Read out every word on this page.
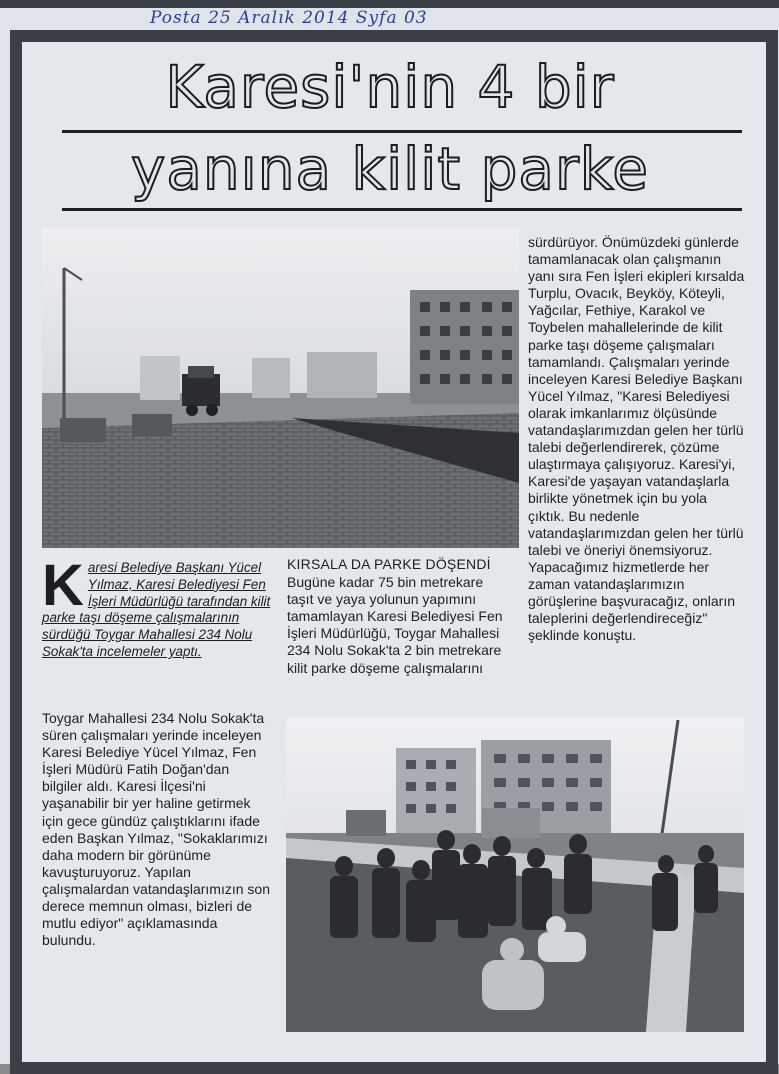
Posta 25 Aralık 2014 Syfa 03
Karesi'nin 4 bir
yanına kilit parke
K aresi Belediye Başkanı Yücel Yılmaz, Karesi Belediyesi Fen İşleri Müdürlüğü tarafından kilit parke taşı döşeme çalışmalarının sürdüğü Toygar Mahallesi 234 Nolu Sokak'ta incelemeler yaptı.

Toygar Mahallesi 234 Nolu Sokak'ta süren çalışmaları yerinde inceleyen Karesi Belediye Yücel Yılmaz, Fen İşleri Müdürü Fatih Doğan'dan bilgiler aldı. Karesi İlçesi'ni yaşanabilir bir yer haline getirmek için gece gündüz çalıştıklarını ifade eden Başkan Yılmaz, "Sokaklarımızı daha modern bir görünüme kavuşturuyoruz. Yapılan çalışmalardan vatandaşlarımızın son derece memnun olması, bizleri de mutlu ediyor" açıklamasında bulundu.

KIRSALA DA PARKE DÖŞENDİ

Bugüne kadar 75 bin metrekare taşıt ve yaya yolunun yapımını tamamlayan Karesi Belediyesi Fen İşleri Müdürlüğü, Toygar Mahallesi 234 Nolu Sokak'ta 2 bin metrekare kilit parke döşeme çalışmalarını

sürdürüyor. Önümüzdeki günlerde tamamlanacak olan çalışmanın yanı sıra Fen İşleri ekipleri kırsalda Turplu, Ovacık, Beyköy, Köteyli, Yağcılar, Fethiye, Karakol ve Toybelen mahallelerinde de kilit parke taşı döşeme çalışmaları tamamlandı. Çalışmaları yerinde inceleyen Karesi Belediye Başkanı Yücel Yılmaz, "Karesi Belediyesi olarak imkanlarımız ölçüsünde vatandaşlarımızdan gelen her türlü talebi değerlendirerek, çözüme ulaştırmaya çalışıyoruz. Karesi'yi, Karesi'de yaşayan vatandaşlarla birlikte yönetmek için bu yola çıktık. Bu nedenle vatandaşlarımızdan gelen her türlü talebi ve öneriyi önemsiyoruz. Yapacağımız hizmetlerde her zaman vatandaşlarımızın görüşlerine başvuracağız, onların taleplerini değerlendireceğiz" şeklinde konuştu.
